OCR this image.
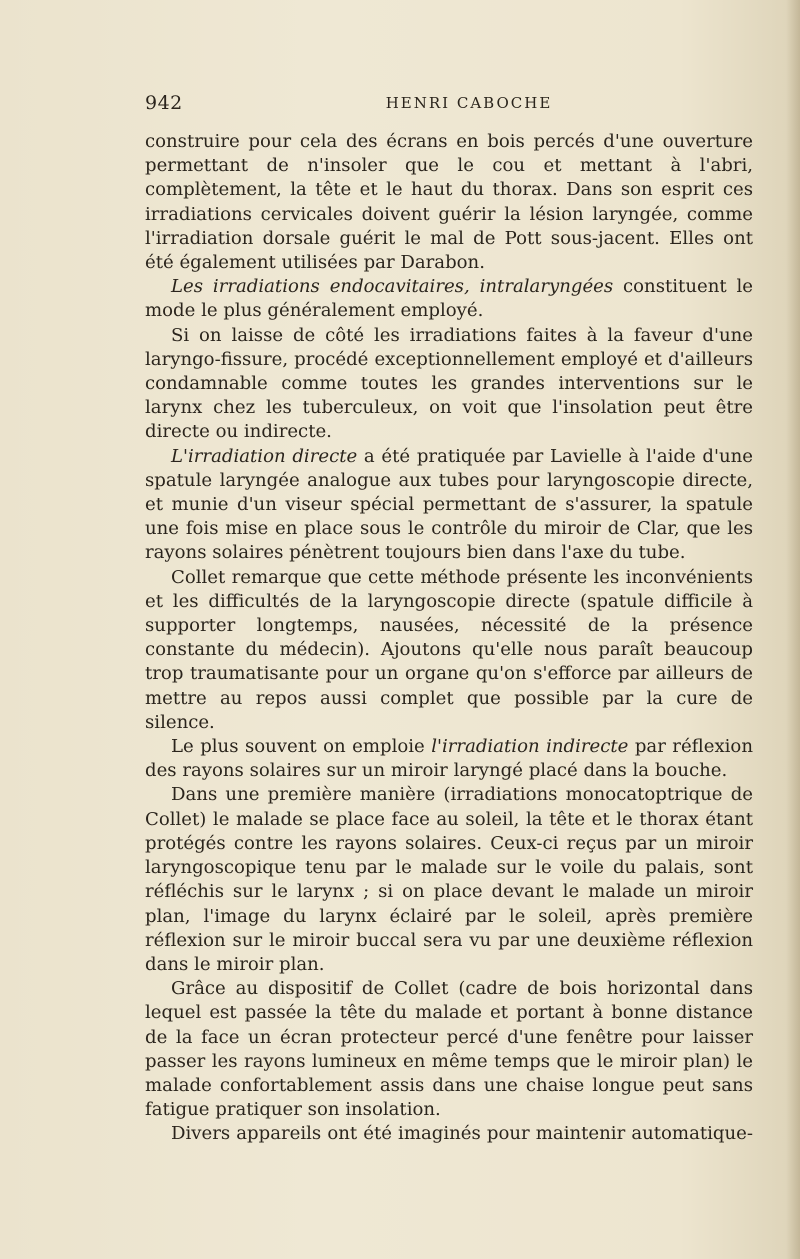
942	HENRI CABOCHE

construire pour cela des écrans en bois percés d'une ouverture permettant de n'insoler que le cou et mettant à l'abri, complètement, la tête et le haut du thorax. Dans son esprit ces irradiations cervicales doivent guérir la lésion laryngée, comme l'irradiation dorsale guérit le mal de Pott sous-jacent. Elles ont été également utilisées par Darabon.

Les irradiations endocavitaires, intralaryngées constituent le mode le plus généralement employé.

Si on laisse de côté les irradiations faites à la faveur d'une laryngo-fissure, procédé exceptionnellement employé et d'ailleurs condamnable comme toutes les grandes interventions sur le larynx chez les tuberculeux, on voit que l'insolation peut être directe ou indirecte.

L'irradiation directe a été pratiquée par Lavielle à l'aide d'une spatule laryngée analogue aux tubes pour laryngoscopie directe, et munie d'un viseur spécial permettant de s'assurer, la spatule une fois mise en place sous le contrôle du miroir de Clar, que les rayons solaires pénètrent toujours bien dans l'axe du tube.

Collet remarque que cette méthode présente les inconvénients et les difficultés de la laryngoscopie directe (spatule difficile à supporter longtemps, nausées, nécessité de la présence constante du médecin). Ajoutons qu'elle nous paraît beaucoup trop traumatisante pour un organe qu'on s'efforce par ailleurs de mettre au repos aussi complet que possible par la cure de silence.

Le plus souvent on emploie l'irradiation indirecte par réflexion des rayons solaires sur un miroir laryngé placé dans la bouche.

Dans une première manière (irradiations monocatoptrique de Collet) le malade se place face au soleil, la tête et le thorax étant protégés contre les rayons solaires. Ceux-ci reçus par un miroir laryngoscopique tenu par le malade sur le voile du palais, sont réfléchis sur le larynx ; si on place devant le malade un miroir plan, l'image du larynx éclairé par le soleil, après première réflexion sur le miroir buccal sera vu par une deuxième réflexion dans le miroir plan.

Grâce au dispositif de Collet (cadre de bois horizontal dans lequel est passée la tête du malade et portant à bonne distance de la face un écran protecteur percé d'une fenêtre pour laisser passer les rayons lumineux en même temps que le miroir plan) le malade confortablement assis dans une chaise longue peut sans fatigue pratiquer son insolation.

Divers appareils ont été imaginés pour maintenir automatique-
